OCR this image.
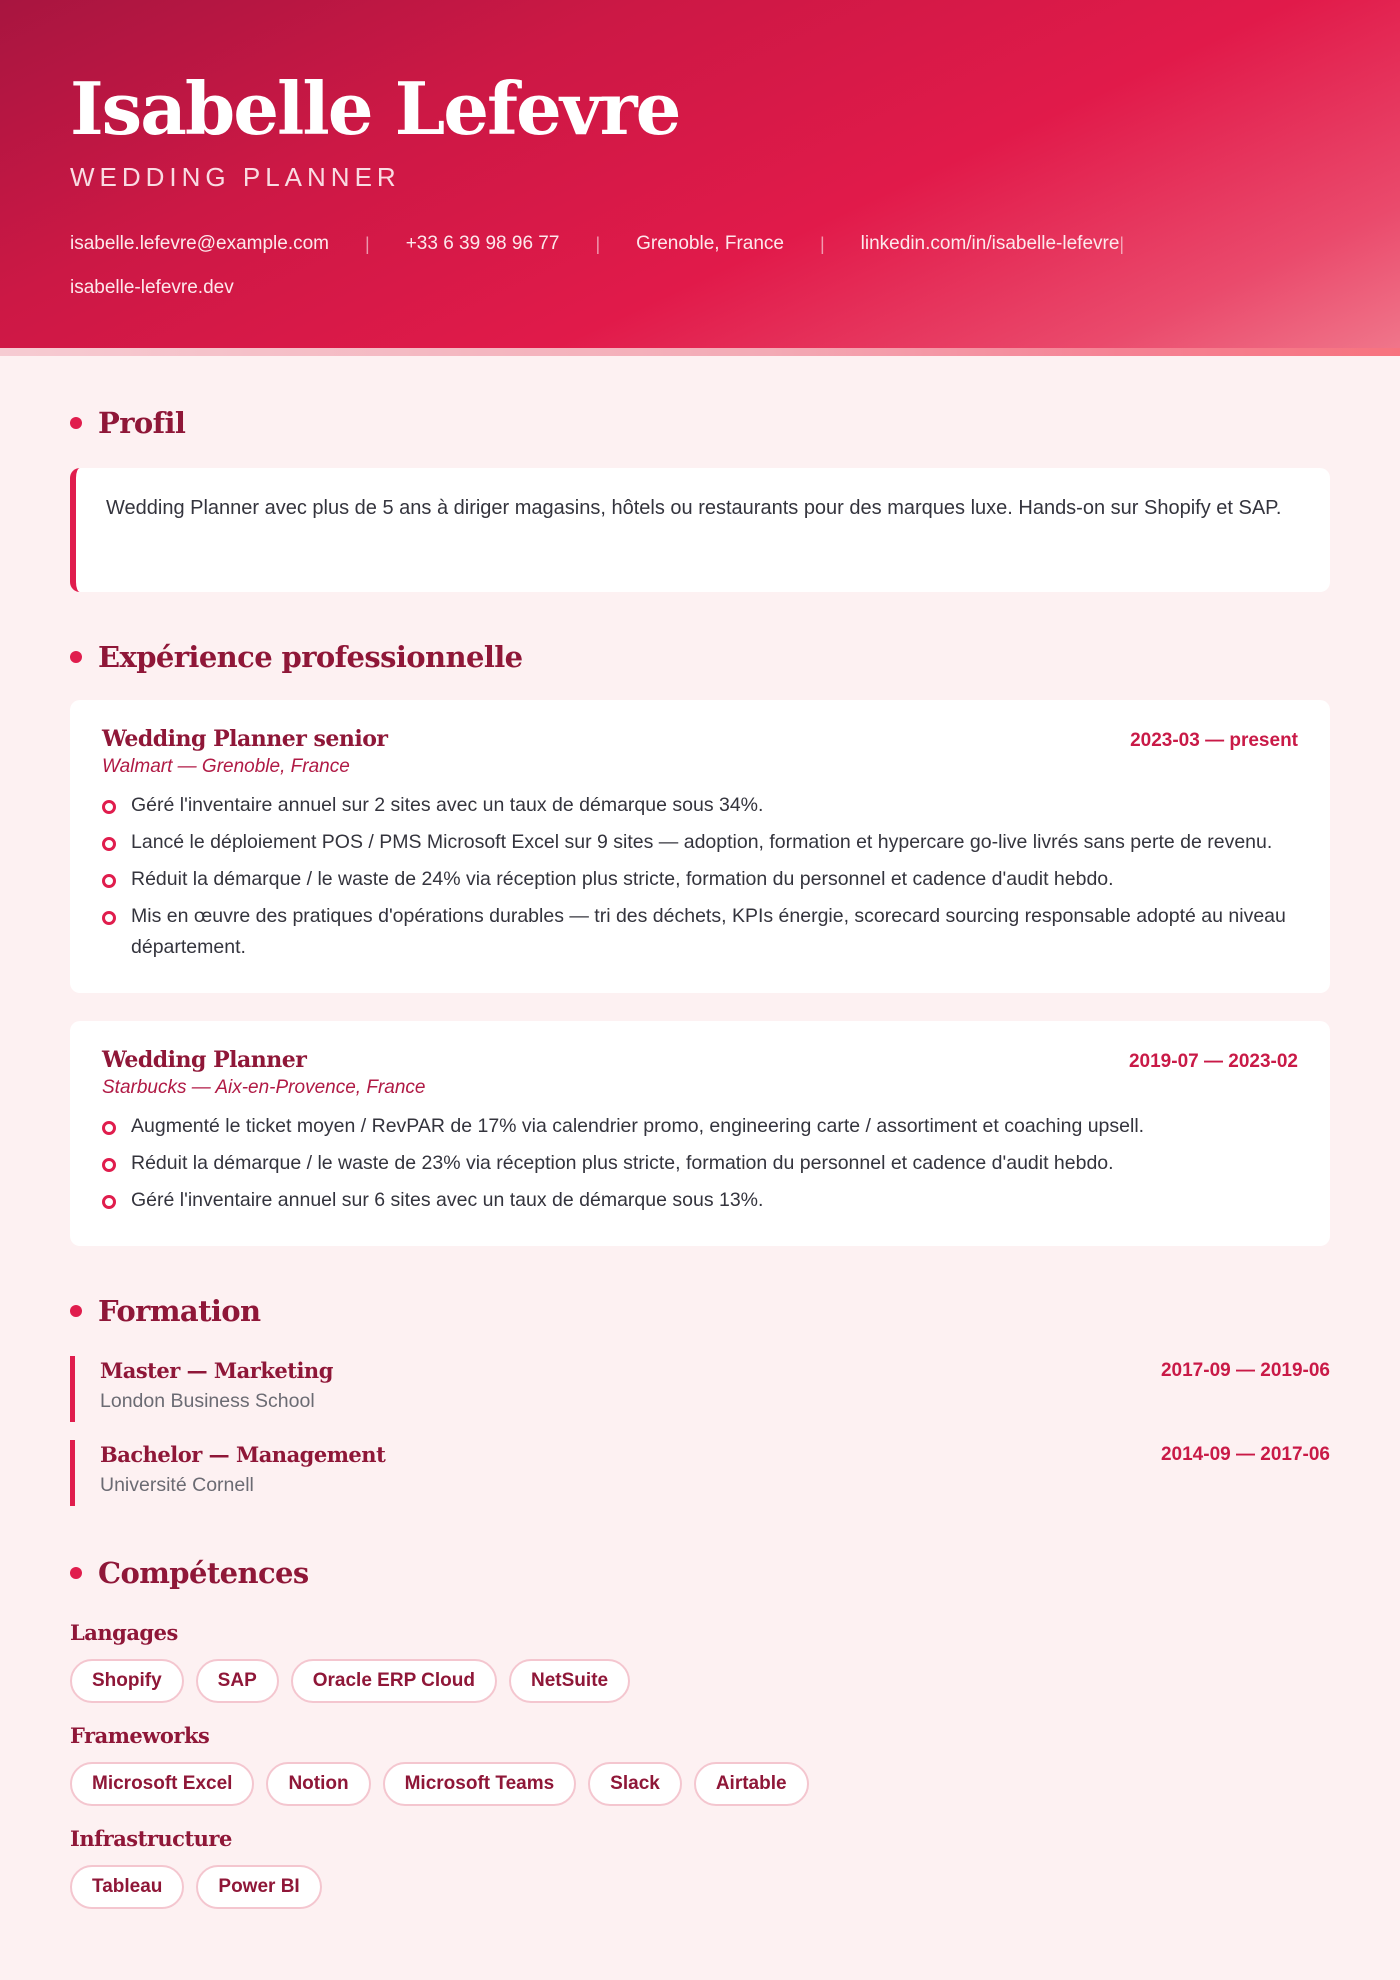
Isabelle Lefevre
WEDDING PLANNER
isabelle.lefevre@example.com | +33 6 39 98 96 77 | Grenoble, France | linkedin.com/in/isabelle-lefevre |
isabelle-lefevre.dev
Profil
Wedding Planner avec plus de 5 ans à diriger magasins, hôtels ou restaurants pour des marques luxe. Hands-on sur Shopify et SAP.
Expérience professionnelle
Wedding Planner senior	2023-03 — present
Walmart — Grenoble, France
Géré l'inventaire annuel sur 2 sites avec un taux de démarque sous 34%.
Lancé le déploiement POS / PMS Microsoft Excel sur 9 sites — adoption, formation et hypercare go-live livrés sans perte de revenu.
Réduit la démarque / le waste de 24% via réception plus stricte, formation du personnel et cadence d'audit hebdo.
Mis en œuvre des pratiques d'opérations durables — tri des déchets, KPIs énergie, scorecard sourcing responsable adopté au niveau département.
Wedding Planner	2019-07 — 2023-02
Starbucks — Aix-en-Provence, France
Augmenté le ticket moyen / RevPAR de 17% via calendrier promo, engineering carte / assortiment et coaching upsell.
Réduit la démarque / le waste de 23% via réception plus stricte, formation du personnel et cadence d'audit hebdo.
Géré l'inventaire annuel sur 6 sites avec un taux de démarque sous 13%.
Formation
Master — Marketing
London Business School
2017-09 — 2019-06
Bachelor — Management
Université Cornell
2014-09 — 2017-06
Compétences
Langages
Shopify	SAP	Oracle ERP Cloud	NetSuite
Frameworks
Microsoft Excel	Notion	Microsoft Teams	Slack	Airtable
Infrastructure
Tableau	Power BI
